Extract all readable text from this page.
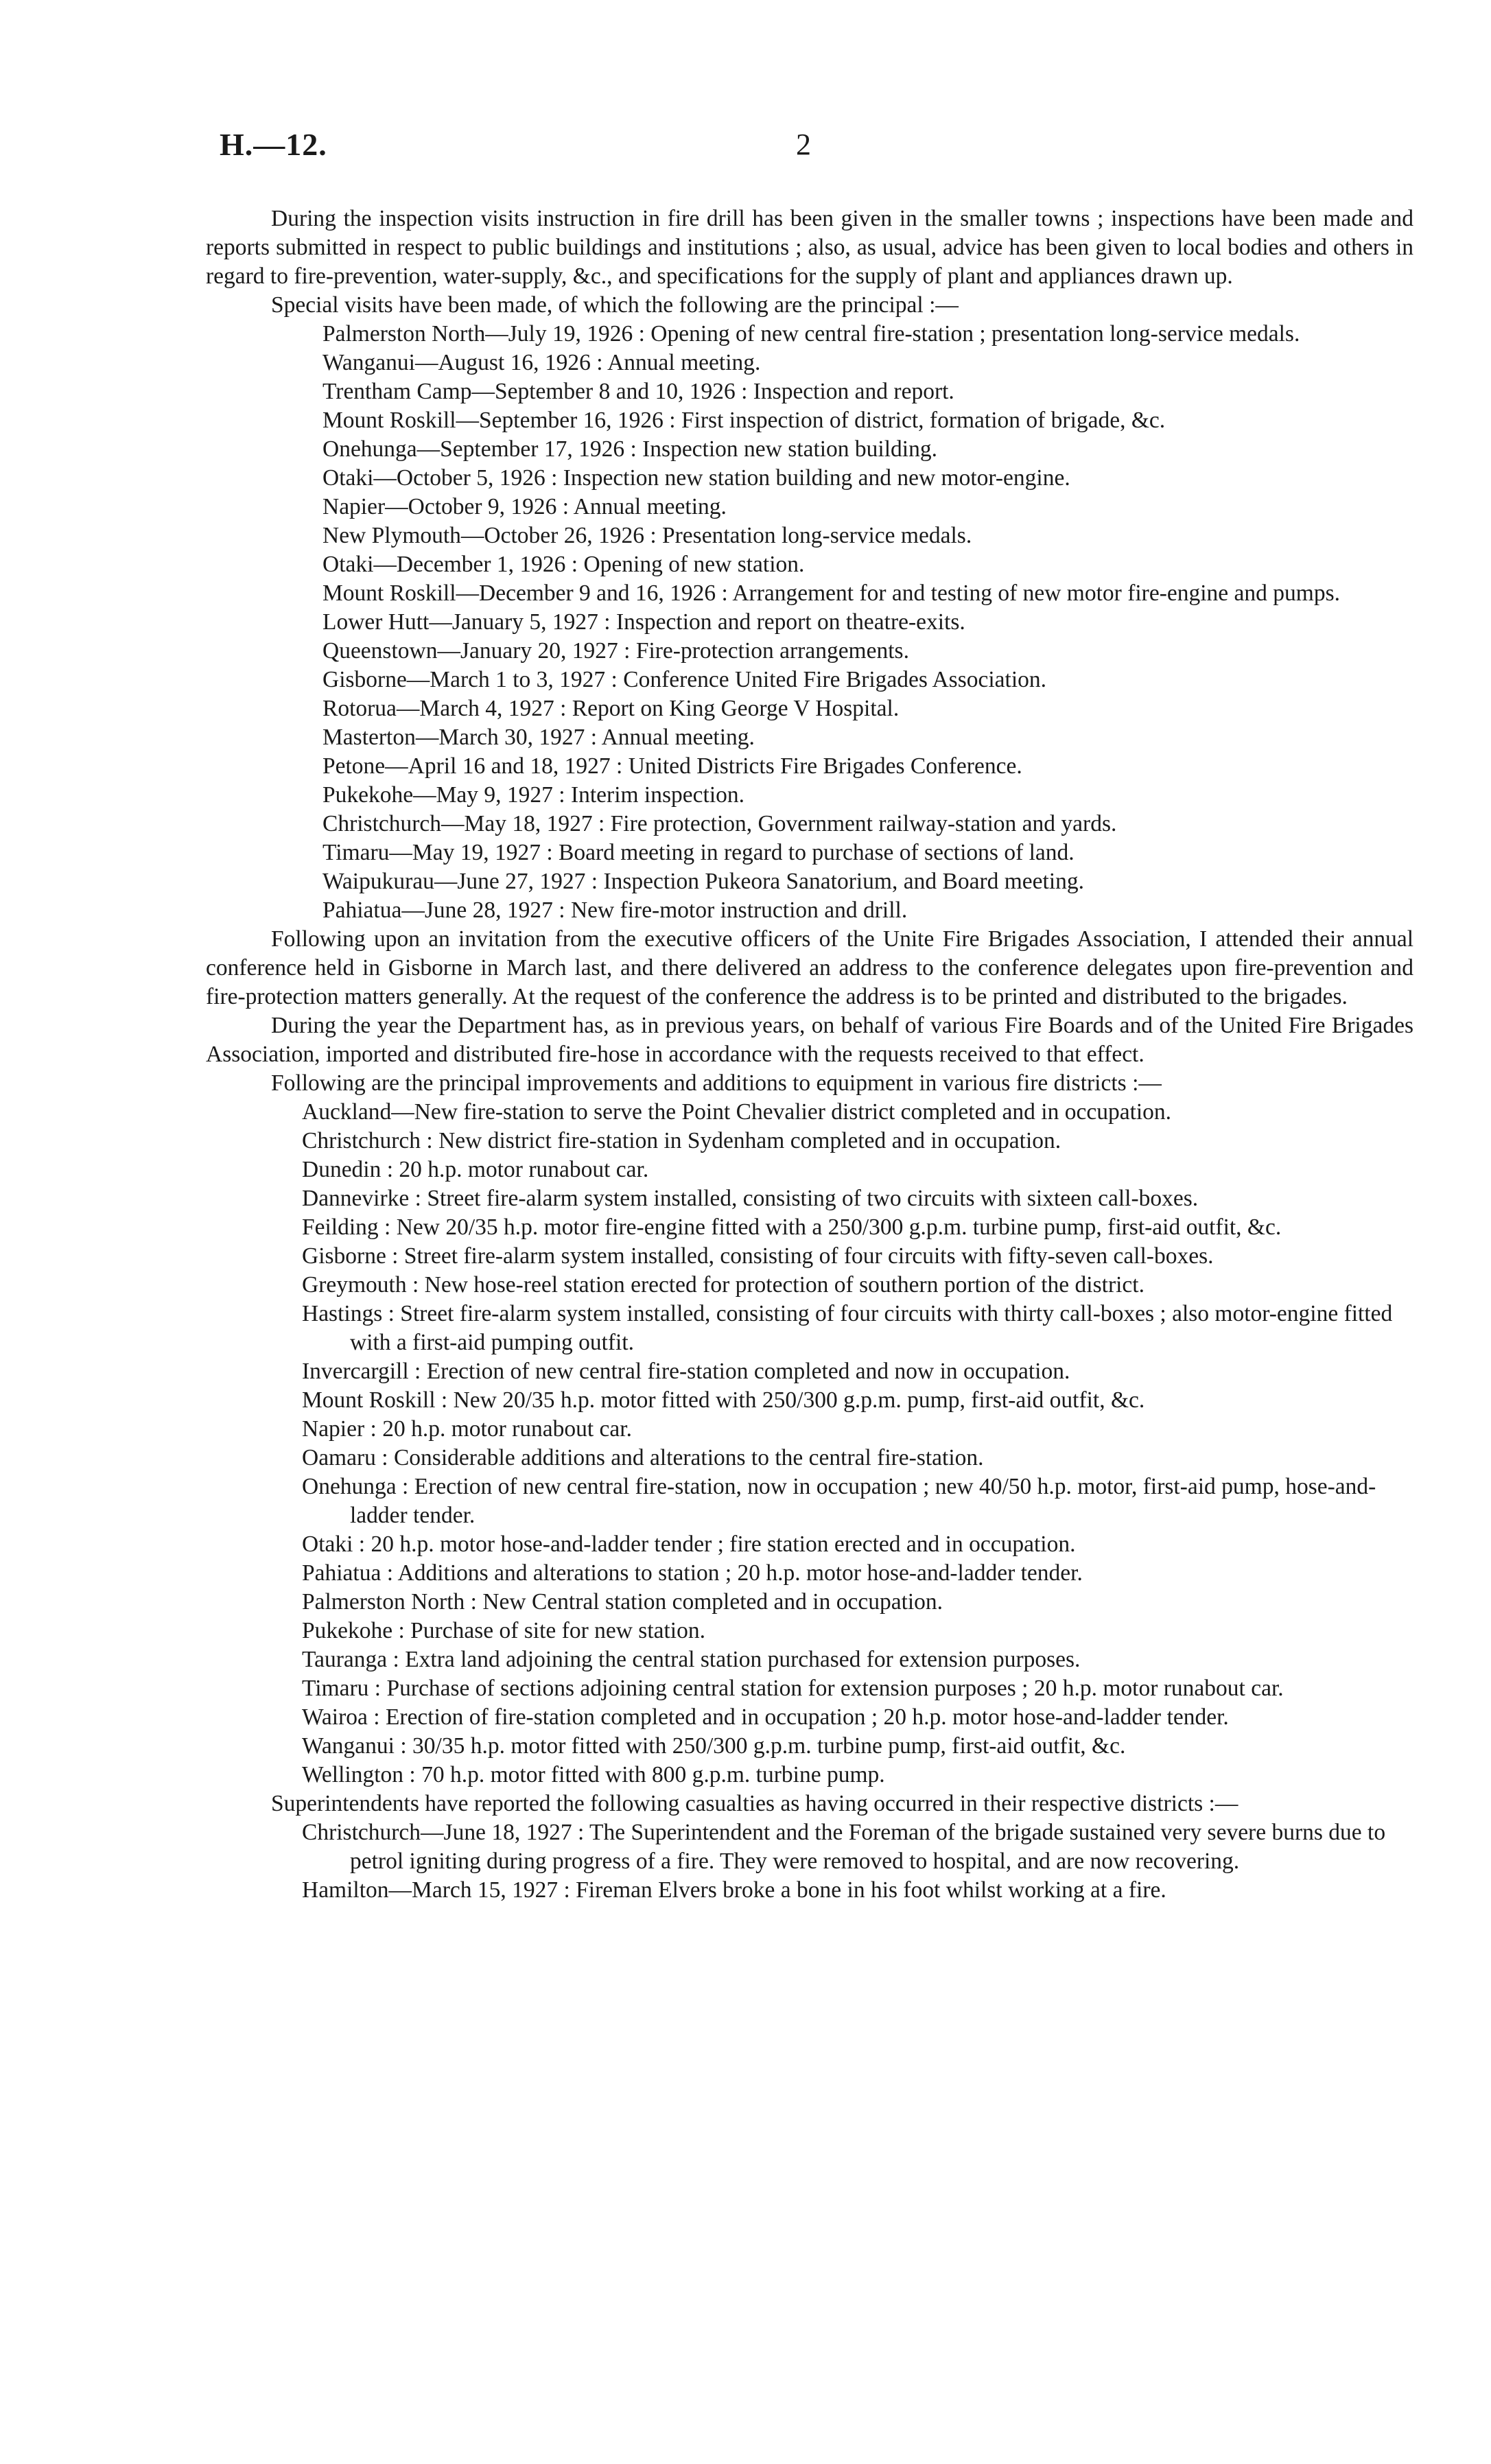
H.—12.	2

During the inspection visits instruction in fire drill has been given in the smaller towns ; inspections have been made and reports submitted in respect to public buildings and institutions ; also, as usual, advice has been given to local bodies and others in regard to fire-prevention, water-supply, &c., and specifications for the supply of plant and appliances drawn up.

Special visits have been made, of which the following are the principal :—

Palmerston North—July 19, 1926 : Opening of new central fire-station ; presentation long-service medals.

Wanganui—August 16, 1926 : Annual meeting.

Trentham Camp—September 8 and 10, 1926 : Inspection and report.

Mount Roskill—September 16, 1926 : First inspection of district, formation of brigade, &c.

Onehunga—September 17, 1926 : Inspection new station building.

Otaki—October 5, 1926 : Inspection new station building and new motor-engine.

Napier—October 9, 1926 : Annual meeting.

New Plymouth—October 26, 1926 : Presentation long-service medals.

Otaki—December 1, 1926 : Opening of new station.

Mount Roskill—December 9 and 16, 1926 : Arrangement for and testing of new motor fire-engine and pumps.

Lower Hutt—January 5, 1927 : Inspection and report on theatre-exits.

Queenstown—January 20, 1927 : Fire-protection arrangements.

Gisborne—March 1 to 3, 1927 : Conference United Fire Brigades Association.

Rotorua—March 4, 1927 : Report on King George V Hospital.

Masterton—March 30, 1927 : Annual meeting.

Petone—April 16 and 18, 1927 : United Districts Fire Brigades Conference.

Pukekohe—May 9, 1927 : Interim inspection.

Christchurch—May 18, 1927 : Fire protection, Government railway-station and yards.

Timaru—May 19, 1927 : Board meeting in regard to purchase of sections of land.

Waipukurau—June 27, 1927 : Inspection Pukeora Sanatorium, and Board meeting.

Pahiatua—June 28, 1927 : New fire-motor instruction and drill.

Following upon an invitation from the executive officers of the Unite Fire Brigades Association, I attended their annual conference held in Gisborne in March last, and there delivered an address to the conference delegates upon fire-prevention and fire-protection matters generally. At the request of the conference the address is to be printed and distributed to the brigades.

During the year the Department has, as in previous years, on behalf of various Fire Boards and of the United Fire Brigades Association, imported and distributed fire-hose in accordance with the requests received to that effect.

Following are the principal improvements and additions to equipment in various fire districts :—

Auckland—New fire-station to serve the Point Chevalier district completed and in occupation.

Christchurch : New district fire-station in Sydenham completed and in occupation.

Dunedin : 20 h.p. motor runabout car.

Dannevirke : Street fire-alarm system installed, consisting of two circuits with sixteen call-boxes.

Feilding : New 20/35 h.p. motor fire-engine fitted with a 250/300 g.p.m. turbine pump, first-aid outfit, &c.

Gisborne : Street fire-alarm system installed, consisting of four circuits with fifty-seven call-boxes.

Greymouth : New hose-reel station erected for protection of southern portion of the district.

Hastings : Street fire-alarm system installed, consisting of four circuits with thirty call-boxes ; also motor-engine fitted with a first-aid pumping outfit.

Invercargill : Erection of new central fire-station completed and now in occupation.

Mount Roskill : New 20/35 h.p. motor fitted with 250/300 g.p.m. pump, first-aid outfit, &c.

Napier : 20 h.p. motor runabout car.

Oamaru : Considerable additions and alterations to the central fire-station.

Onehunga : Erection of new central fire-station, now in occupation ; new 40/50 h.p. motor, first-aid pump, hose-and-ladder tender.

Otaki : 20 h.p. motor hose-and-ladder tender ; fire station erected and in occupation.

Pahiatua : Additions and alterations to station ; 20 h.p. motor hose-and-ladder tender.

Palmerston North : New Central station completed and in occupation.

Pukekohe : Purchase of site for new station.

Tauranga : Extra land adjoining the central station purchased for extension purposes.

Timaru : Purchase of sections adjoining central station for extension purposes ; 20 h.p. motor runabout car.

Wairoa : Erection of fire-station completed and in occupation ; 20 h.p. motor hose-and-ladder tender.

Wanganui : 30/35 h.p. motor fitted with 250/300 g.p.m. turbine pump, first-aid outfit, &c.

Wellington : 70 h.p. motor fitted with 800 g.p.m. turbine pump.

Superintendents have reported the following casualties as having occurred in their respective districts :—

Christchurch—June 18, 1927 : The Superintendent and the Foreman of the brigade sustained very severe burns due to petrol igniting during progress of a fire. They were removed to hospital, and are now recovering.

Hamilton—March 15, 1927 : Fireman Elvers broke a bone in his foot whilst working at a fire.
